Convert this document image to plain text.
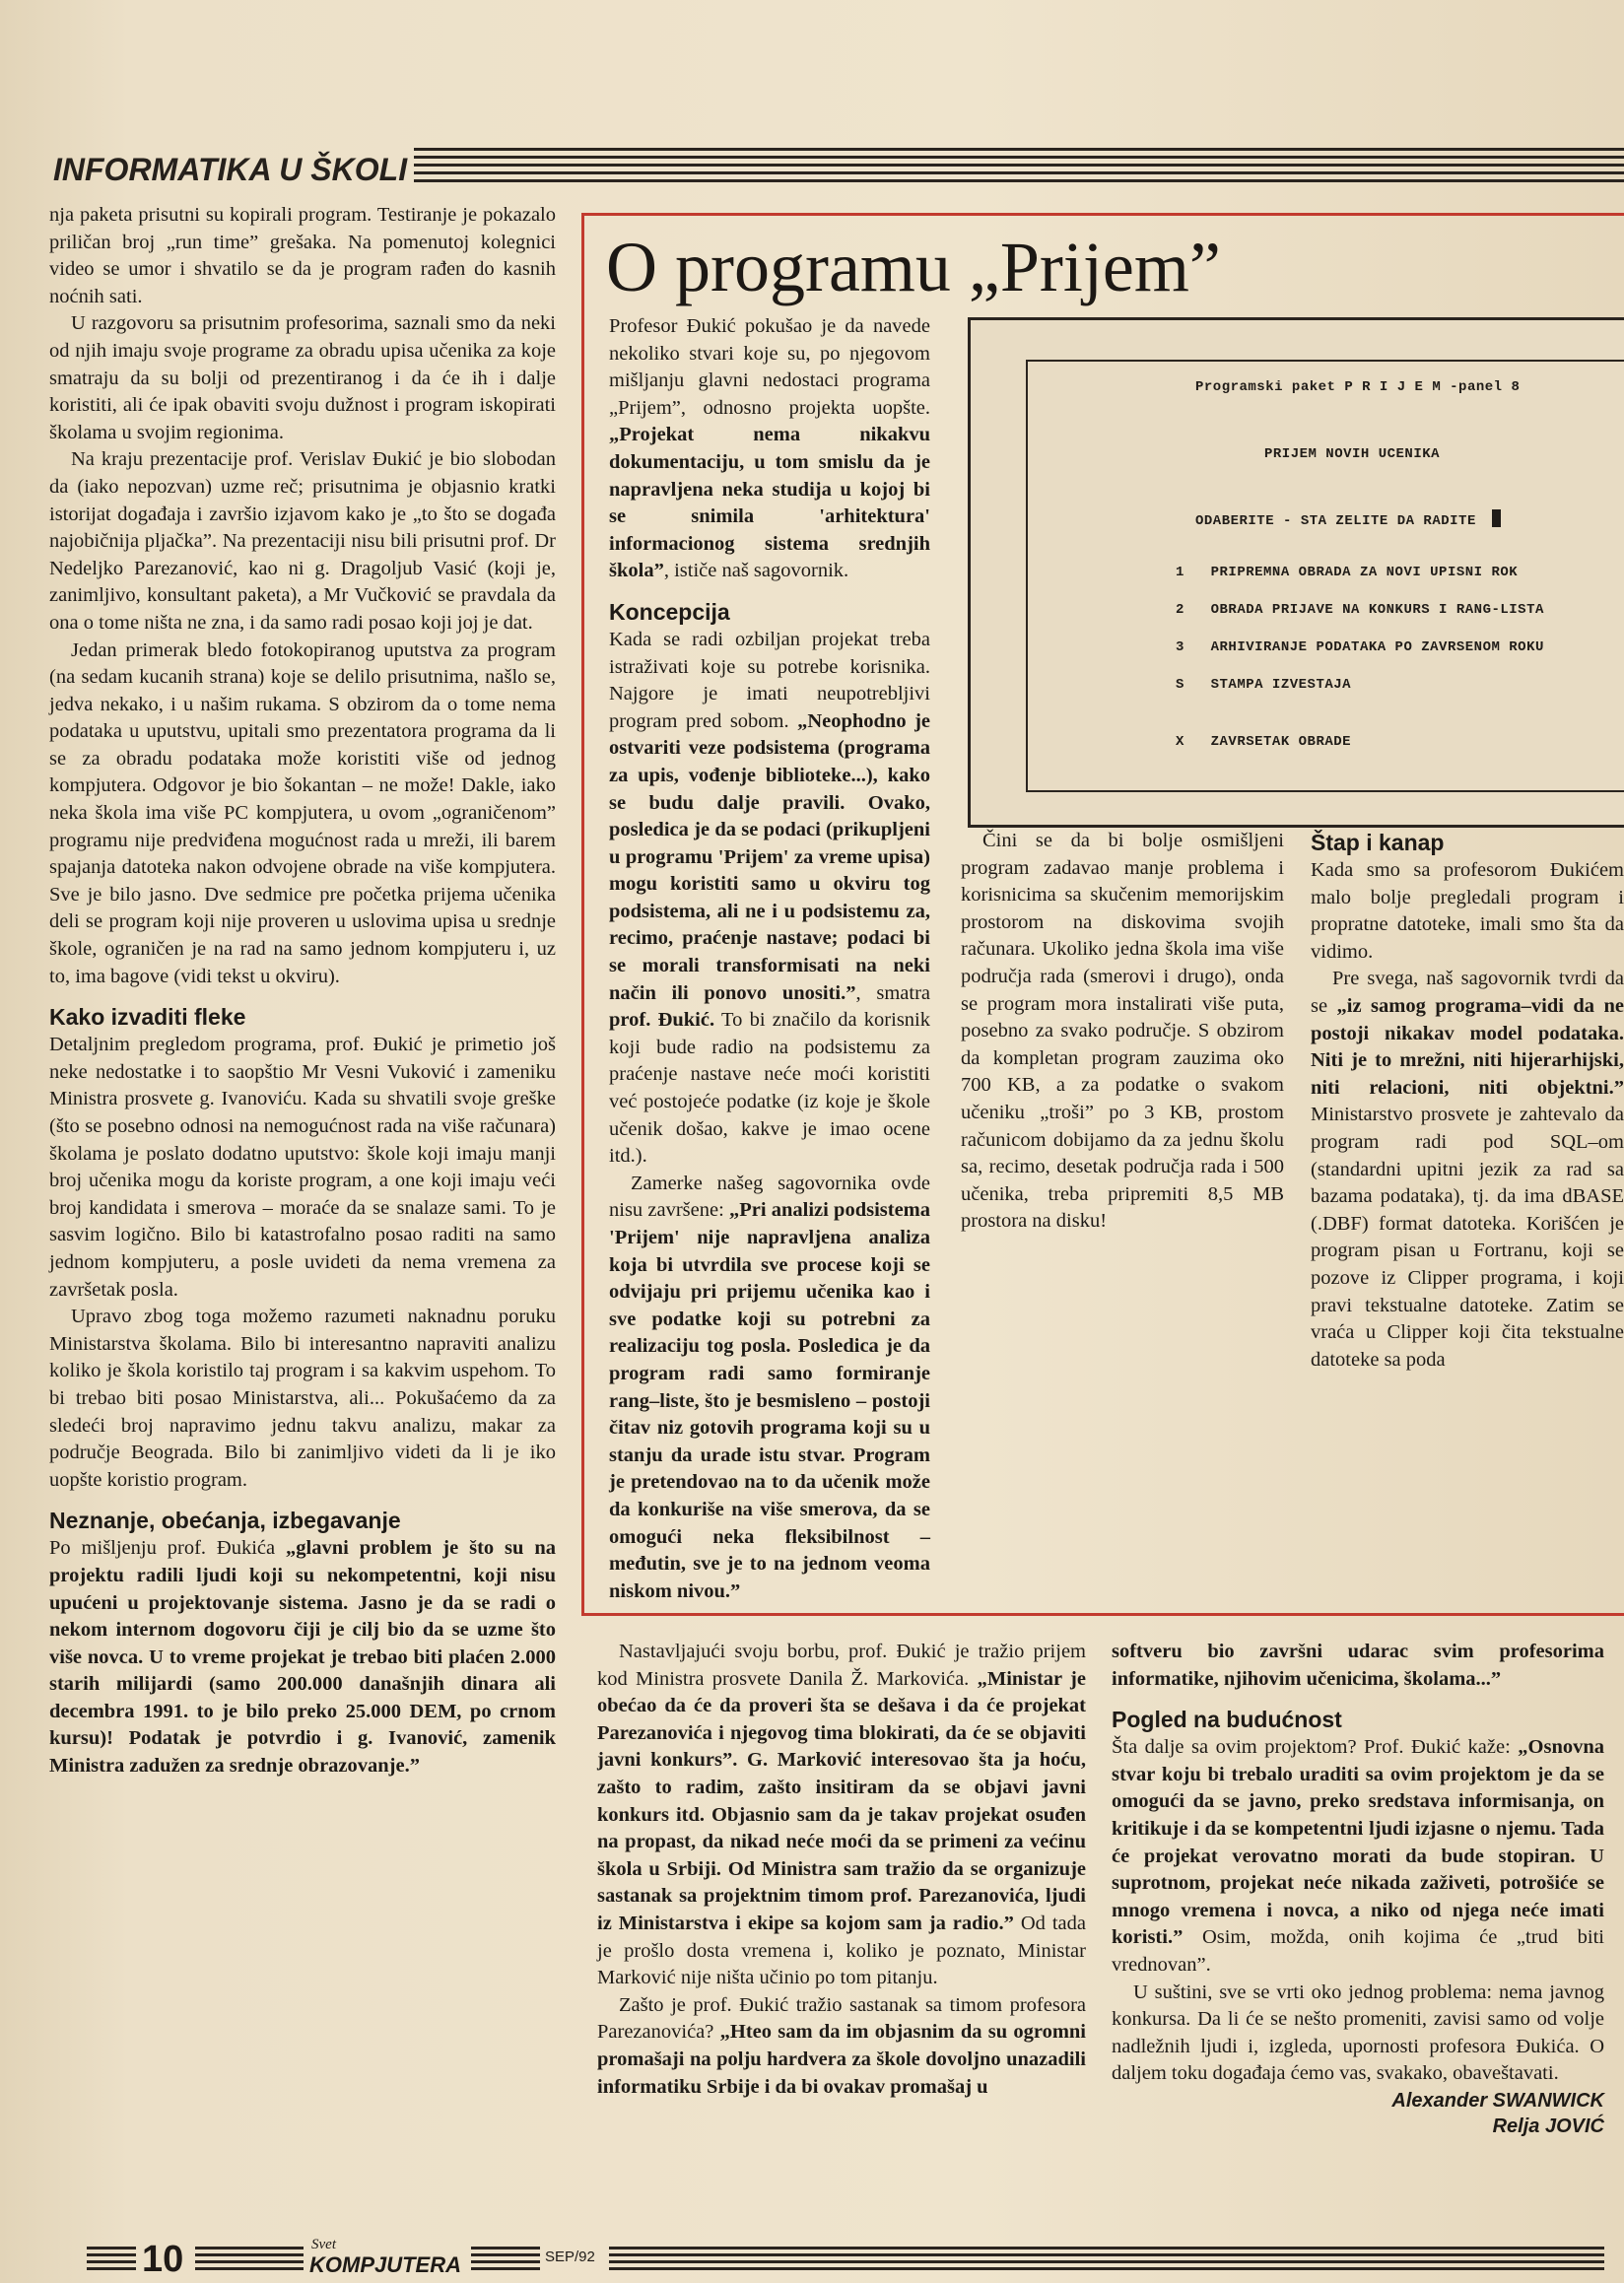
INFORMATIKA U ŠKOLI

nja paketa prisutni su kopirali program. Testiranje je pokazalo priličan broj „run time” grešaka. Na pomenutoj kolegnici video se umor i shvatilo se da je program rađen do kasnih noćnih sati.

U razgovoru sa prisutnim profesorima, saznali smo da neki od njih imaju svoje programe za obradu upisa učenika za koje smatraju da su bolji od prezentiranog i da će ih i dalje koristiti, ali će ipak obaviti svoju dužnost i program iskopirati školama u svojim regionima.

Na kraju prezentacije prof. Verislav Đukić je bio slobodan da (iako nepozvan) uzme reč; prisutnima je objasnio kratki istorijat događaja i završio izjavom kako je „to što se događa najobičnija pljačka”. Na prezentaciji nisu bili prisutni prof. Dr Nedeljko Parezanović, kao ni g. Dragoljub Vasić (koji je, zanimljivo, konsultant paketa), a Mr Vučković se pravdala da ona o tome ništa ne zna, i da samo radi posao koji joj je dat.

Jedan primerak bledo fotokopiranog uputstva za program (na sedam kucanih strana) koje se delilo prisutnima, našlo se, jedva nekako, i u našim rukama. S obzirom da o tome nema podataka u uputstvu, upitali smo prezentatora programa da li se za obradu podataka može koristiti više od jednog kompjutera. Odgovor je bio šokantan – ne može! Dakle, iako neka škola ima više PC kompjutera, u ovom „ograničenom” programu nije predviđena mogućnost rada u mreži, ili barem spajanja datoteka nakon odvojene obrade na više kompjutera. Sve je bilo jasno. Dve sedmice pre početka prijema učenika deli se program koji nije proveren u uslovima upisa u srednje škole, ograničen je na rad na samo jednom kompjuteru i, uz to, ima bagove (vidi tekst u okviru).

Kako izvaditi fleke

Detaljnim pregledom programa, prof. Đukić je primetio još neke nedostatke i to saopštio Mr Vesni Vuković i zameniku Ministra prosvete g. Ivanoviću. Kada su shvatili svoje greške (što se posebno odnosi na nemogućnost rada na više računara) školama je poslato dodatno uputstvo: škole koji imaju manji broj učenika mogu da koriste program, a one koji imaju veći broj kandidata i smerova – moraće da se snalaze sami. To je sasvim logično. Bilo bi katastrofalno posao raditi na samo jednom kompjuteru, a posle uvideti da nema vremena za završetak posla.

Upravo zbog toga možemo razumeti naknadnu poruku Ministarstva školama. Bilo bi interesantno napraviti analizu koliko je škola koristilo taj program i sa kakvim uspehom. To bi trebao biti posao Ministarstva, ali... Pokušaćemo da za sledeći broj napravimo jednu takvu analizu, makar za područje Beograda. Bilo bi zanimljivo videti da li je iko uopšte koristio program.

Neznanje, obećanja, izbegavanje

Po mišljenju prof. Đukića „glavni problem je što su na projektu radili ljudi koji su nekompetentni, koji nisu upućeni u projektovanje sistema. Jasno je da se radi o nekom internom dogovoru čiji je cilj bio da se uzme što više novca. U to vreme projekat je trebao biti plaćen 2.000 starih milijardi (samo 200.000 današnjih dinara ali decembra 1991. to je bilo preko 25.000 DEM, po crnom kursu)! Podatak je potvrdio i g. Ivanović, zamenik Ministra zadužen za srednje obrazovanje.”

O programu „Prijem”

Profesor Đukić pokušao je da navede nekoliko stvari koje su, po njegovom mišljanju glavni nedostaci programa „Prijem”, odnosno projekta uopšte. „Projekat nema nikakvu dokumentaciju, u tom smislu da je napravljena neka studija u kojoj bi se snimila 'arhitektura' informacionog sistema srednjih škola”, ističe naš sagovornik.

Koncepcija

Kada se radi ozbiljan projekat treba istraživati koje su potrebe korisnika. Najgore je imati neupotrebljivi program pred sobom. „Neophodno je ostvariti veze podsistema (programa za upis, vođenje biblioteke...), kako se budu dalje pravili. Ovako, posledica je da se podaci (prikupljeni u programu 'Prijem' za vreme upisa) mogu koristiti samo u okviru tog podsistema, ali ne i u podsistemu za, recimo, praćenje nastave; podaci bi se morali transformisati na neki način ili ponovo unositi.”, smatra prof. Đukić. To bi značilo da korisnik koji bude radio na podsistemu za praćenje nastave neće moći koristiti već postojeće podatke (iz koje je škole učenik došao, kakve je imao ocene itd.).

Zamerke našeg sagovornika ovde nisu završene: „Pri analizi podsistema 'Prijem' nije napravljena analiza koja bi utvrdila sve procese koji se odvijaju pri prijemu učenika kao i sve podatke koji su potrebni za realizaciju tog posla. Posledica je da program radi samo formiranje rang–liste, što je besmisleno – postoji čitav niz gotovih programa koji su u stanju da urade istu stvar. Program je pretendovao na to da učenik može da konkuriše na više smerova, da se omogući neka fleksibilnost – međutin, sve je to na jednom veoma niskom nivou.”

Programski paket P R I J E M -panel 8
PRIJEM NOVIH UCENIKA
ODABERITE - STA ZELITE DA RADITE
1 PRIPREMNA OBRADA ZA NOVI UPISNI ROK
2 OBRADA PRIJAVE NA KONKURS I RANG-LISTA
3 ARHIVIRANJE PODATAKA PO ZAVRSENOM ROKU
S STAMPA IZVESTAJA
X ZAVRSETAK OBRADE

Čini se da bi bolje osmišljeni program zadavao manje problema i korisnicima sa skučenim memorijskim prostorom na diskovima svojih računara. Ukoliko jedna škola ima više područja rada (smerovi i drugo), onda se program mora instalirati više puta, posebno za svako područje. S obzirom da kompletan program zauzima oko 700 KB, a za podatke o svakom učeniku „troši” po 3 KB, prostom računicom dobijamo da za jednu školu sa, recimo, desetak područja rada i 500 učenika, treba pripremiti 8,5 MB prostora na disku!

Štap i kanap

Kada smo sa profesorom Đukićem malo bolje pregledali program i propratne datoteke, imali smo šta da vidimo.

Pre svega, naš sagovornik tvrdi da se „iz samog programa–vidi da ne postoji nikakav model podataka. Niti je to mrežni, niti hijerarhijski, niti relacioni, niti objektni.” Ministarstvo prosvete je zahtevalo da program radi pod SQL–om (standardni upitni jezik za rad sa bazama podataka), tj. da ima dBASE (.DBF) format datoteka. Korišćen je program pisan u Fortranu, koji se pozove iz Clipper programa, i koji pravi tekstualne datoteke. Zatim se vraća u Clipper koji čita tekstualne datoteke sa poda

Nastavljajući svoju borbu, prof. Đukić je tražio prijem kod Ministra prosvete Danila Ž. Markovića. „Ministar je obećao da će da proveri šta se dešava i da će projekat Parezanovića i njegovog tima blokirati, da će se objaviti javni konkurs”. G. Marković interesovao šta ja hoću, zašto to radim, zašto insitiram da se objavi javni konkurs itd. Objasnio sam da je takav projekat osuđen na propast, da nikad neće moći da se primeni za većinu škola u Srbiji. Od Ministra sam tražio da se organizuje sastanak sa projektnim timom prof. Parezanovića, ljudi iz Ministarstva i ekipe sa kojom sam ja radio.” Od tada je prošlo dosta vremena i, koliko je poznato, Ministar Marković nije ništa učinio po tom pitanju.

Zašto je prof. Đukić tražio sastanak sa timom profesora Parezanovića? „Hteo sam da im objasnim da su ogromni promašaji na polju hardvera za škole dovoljno unazadili informatiku Srbije i da bi ovakav promašaj u

softveru bio završni udarac svim profesorima informatike, njihovim učenicima, školama...”

Pogled na budućnost

Šta dalje sa ovim projektom? Prof. Đukić kaže: „Osnovna stvar koju bi trebalo uraditi sa ovim projektom je da se omogući da se javno, preko sredstava informisanja, on kritikuje i da se kompetentni ljudi izjasne o njemu. Tada će projekat verovatno morati da bude stopiran. U suprotnom, projekat neće nikada zaživeti, potrošiće se mnogo vremena i novca, a niko od njega neće imati koristi.” Osim, možda, onih kojima će „trud biti vrednovan”.

U suštini, sve se vrti oko jednog problema: nema javnog konkursa. Da li će se nešto promeniti, zavisi samo od volje nadležnih ljudi i, izgleda, upornosti profesora Đukića. O daljem toku događaja ćemo vas, svakako, obaveštavati.

Alexander SWANWICK
Relja JOVIĆ
10	Svet
KOMPJUTERA	SEP/92
